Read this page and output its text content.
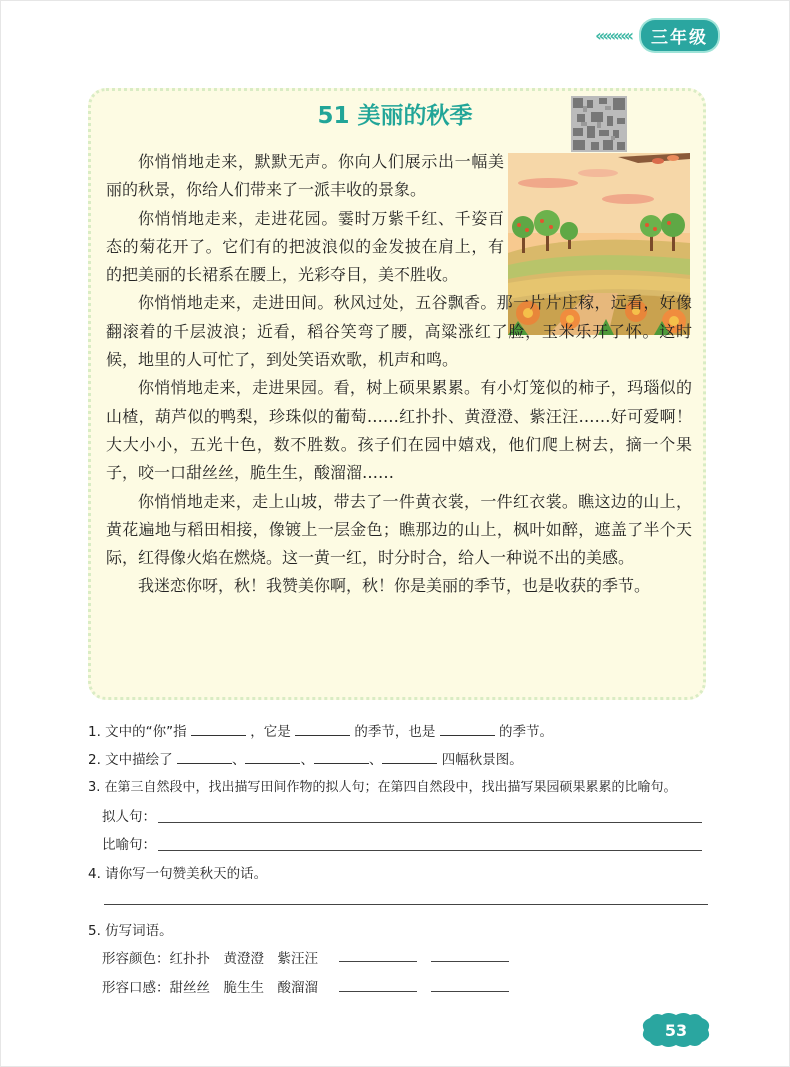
‹‹‹‹‹‹‹‹‹‹	三年级
51 美丽的秋季

你悄悄地走来，默默无声。你向人们展示出一幅美丽的秋景，你给人们带来了一派丰收的景象。

你悄悄地走来，走进花园。霎时万紫千红、千姿百态的菊花开了。它们有的把波浪似的金发披在肩上，有的把美丽的长裙系在腰上，光彩夺目，美不胜收。

你悄悄地走来，走进田间。秋风过处，五谷飘香。那一片片庄稼，远看，好像翻滚着的千层波浪；近看，稻谷笑弯了腰，高粱涨红了脸，玉米乐开了怀。这时候，地里的人可忙了，到处笑语欢歌，机声和鸣。

你悄悄地走来，走进果园。看，树上硕果累累。有小灯笼似的柿子，玛瑙似的山楂，葫芦似的鸭梨，珍珠似的葡萄……红扑扑、黄澄澄、紫汪汪……好可爱啊！大大小小，五光十色，数不胜数。孩子们在园中嬉戏，他们爬上树去，摘一个果子，咬一口甜丝丝，脆生生，酸溜溜……

你悄悄地走来，走上山坡，带去了一件黄衣裳，一件红衣裳。瞧这边的山上，黄花遍地与稻田相接，像镀上一层金色；瞧那边的山上，枫叶如醉，遮盖了半个天际，红得像火焰在燃烧。这一黄一红，时分时合，给人一种说不出的美感。

我迷恋你呀，秋！我赞美你啊，秋！你是美丽的季节，也是收获的季节。

1. 文中的“你”指	，它是	的季节，也是	的季节。
2. 文中描绘了	、	、	、	四幅秋景图。
3. 在第三自然段中，找出描写田间作物的拟人句；在第四自然段中，找出描写果园硕果累累的比喻句。
拟人句：
比喻句：
4. 请你写一句赞美秋天的话。
5. 仿写词语。
形容颜色：红扑扑　黄澄澄　紫汪汪
形容口感：甜丝丝　脆生生　酸溜溜
53
